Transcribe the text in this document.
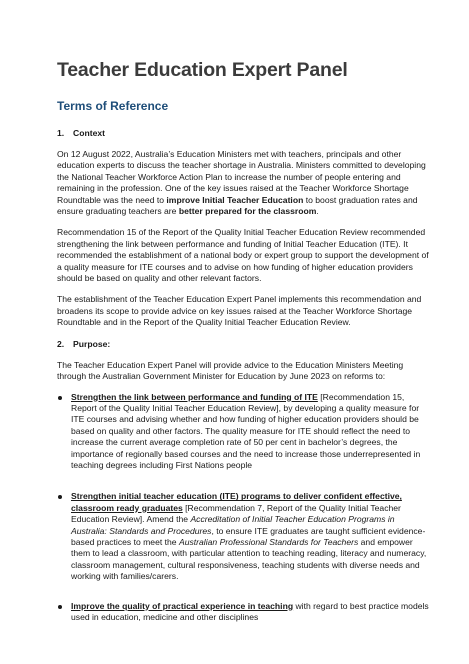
Teacher Education Expert Panel
Terms of Reference
1. Context

On 12 August 2022, Australia’s Education Ministers met with teachers, principals and other education experts to discuss the teacher shortage in Australia. Ministers committed to developing the National Teacher Workforce Action Plan to increase the number of people entering and remaining in the profession. One of the key issues raised at the Teacher Workforce Shortage Roundtable was the need to improve Initial Teacher Education to boost graduation rates and ensure graduating teachers are better prepared for the classroom.

Recommendation 15 of the Report of the Quality Initial Teacher Education Review recommended strengthening the link between performance and funding of Initial Teacher Education (ITE). It recommended the establishment of a national body or expert group to support the development of a quality measure for ITE courses and to advise on how funding of higher education providers should be based on quality and other relevant factors.

The establishment of the Teacher Education Expert Panel implements this recommendation and broadens its scope to provide advice on key issues raised at the Teacher Workforce Shortage Roundtable and in the Report of the Quality Initial Teacher Education Review.

2. Purpose:

The Teacher Education Expert Panel will provide advice to the Education Ministers Meeting through the Australian Government Minister for Education by June 2023 on reforms to:

Strengthen the link between performance and funding of ITE [Recommendation 15, Report of the Quality Initial Teacher Education Review], by developing a quality measure for ITE courses and advising whether and how funding of higher education providers should be based on quality and other factors. The quality measure for ITE should reflect the need to increase the current average completion rate of 50 per cent in bachelor’s degrees, the importance of regionally based courses and the need to increase those underrepresented in teaching degrees including First Nations people
Strengthen initial teacher education (ITE) programs to deliver confident effective, classroom ready graduates [Recommendation 7, Report of the Quality Initial Teacher Education Review]. Amend the Accreditation of Initial Teacher Education Programs in Australia: Standards and Procedures, to ensure ITE graduates are taught sufficient evidence-based practices to meet the Australian Professional Standards for Teachers and empower them to lead a classroom, with particular attention to teaching reading, literacy and numeracy, classroom management, cultural responsiveness, teaching students with diverse needs and working with families/carers.
Improve the quality of practical experience in teaching with regard to best practice models used in education, medicine and other disciplines
